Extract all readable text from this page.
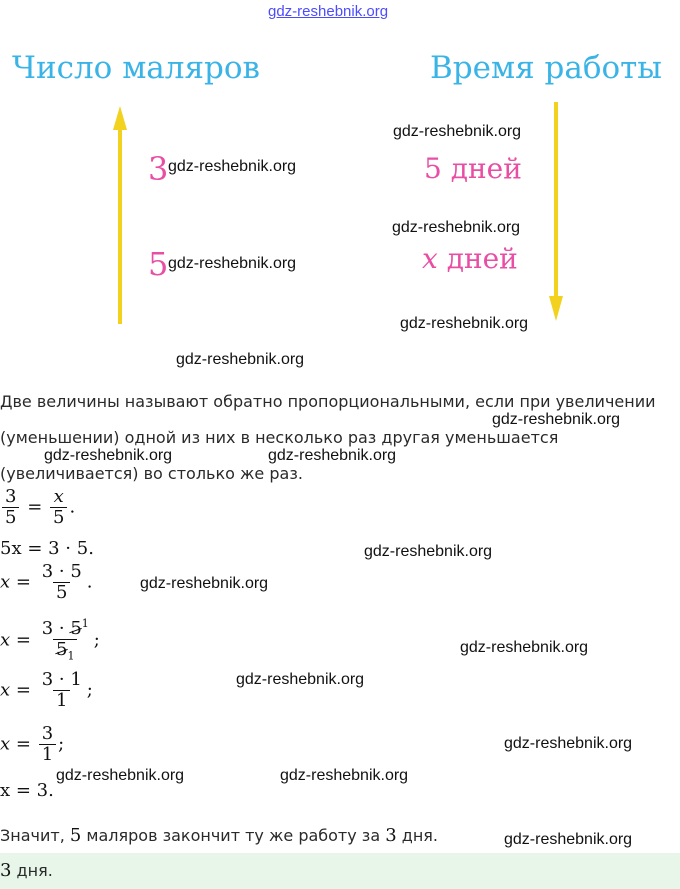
gdz-reshebnik.org
Число маляров	Время работы
3	5 дней
5	x дней
gdz-reshebnik.org
gdz-reshebnik.org
gdz-reshebnik.org
gdz-reshebnik.org
gdz-reshebnik.org
gdz-reshebnik.org
Две величины называют обратно пропорциональными, если при увеличении
gdz-reshebnik.org
(уменьшении) одной из них в несколько раз другая уменьшается
gdz-reshebnik.org	gdz-reshebnik.org
(увеличивается) во столько же раз.
$\frac{3}{5} = \frac{x}{5}$ .
5x = 3 · 5.	gdz-reshebnik.org
$x = \frac{3 \cdot 5}{5}$ .	gdz-reshebnik.org
$x = \frac{3 \cdot 5^1}{5_1}$ ;	gdz-reshebnik.org
$x = \frac{3 \cdot 1}{1}$ ;	gdz-reshebnik.org
$x = \frac{3}{1}$ ;	gdz-reshebnik.org
gdz-reshebnik.org	gdz-reshebnik.org
x = 3.
Значит, 5 маляров закончит ту же работу за 3 дня.	gdz-reshebnik.org
3 дня.
